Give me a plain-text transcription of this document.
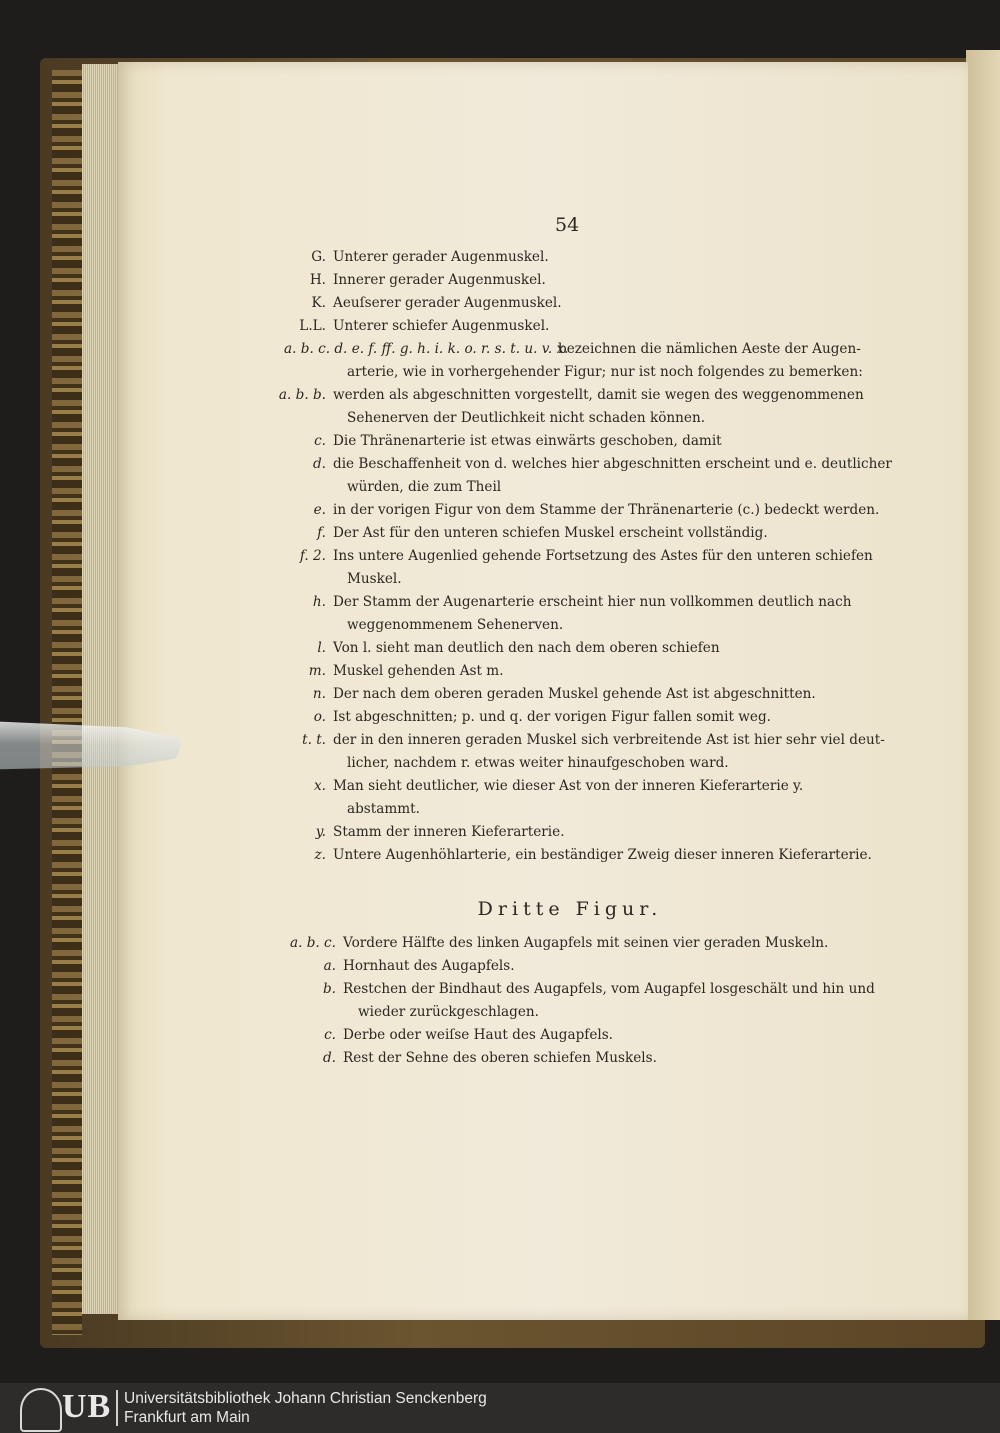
54
G. Unterer gerader Augenmuskel.
H. Innerer gerader Augenmuskel.
K. Aeuſserer gerader Augenmuskel.
L.L. Unterer schiefer Augenmuskel.
a. b. c. d. e. f. ff. g. h. i. k. o. r. s. t. u. v. x.
bezeichnen die nämlichen Aeste der Augen-
arterie, wie in vorhergehender Figur; nur ist noch folgendes zu bemerken:
a. b. b. werden als abgeschnitten vorgestellt, damit sie wegen des weggenommenen
Sehenerven der Deutlichkeit nicht schaden können.
c. Die Thränenarterie ist etwas einwärts geschoben, damit
d. die Beschaffenheit von d. welches hier abgeschnitten erscheint und e. deutlicher
würden, die zum Theil
e. in der vorigen Figur von dem Stamme der Thränenarterie (c.) bedeckt werden.
f. Der Ast für den unteren schiefen Muskel erscheint vollständig.
f. 2. Ins untere Augenlied gehende Fortsetzung des Astes für den unteren schiefen
Muskel.
h. Der Stamm der Augenarterie erscheint hier nun vollkommen deutlich nach
weggenommenem Sehenerven.
l. Von l. sieht man deutlich den nach dem oberen schiefen
m. Muskel gehenden Ast m.
n. Der nach dem oberen geraden Muskel gehende Ast ist abgeschnitten.
o. Ist abgeschnitten; p. und q. der vorigen Figur fallen somit weg.
t. t. der in den inneren geraden Muskel sich verbreitende Ast ist hier sehr viel deut-
licher, nachdem r. etwas weiter hinaufgeschoben ward.
x. Man sieht deutlicher, wie dieser Ast von der inneren Kieferarterie y.
abstammt.
y. Stamm der inneren Kieferarterie.
z. Untere Augenhöhlarterie, ein beständiger Zweig dieser inneren Kieferarterie.
Dritte Figur.
a. b. c. Vordere Hälfte des linken Augapfels mit seinen vier geraden Muskeln.
a. Hornhaut des Augapfels.
b. Restchen der Bindhaut des Augapfels, vom Augapfel losgeschält und hin und
wieder zurückgeschlagen.
c. Derbe oder weiſse Haut des Augapfels.
d. Rest der Sehne des oberen schiefen Muskels.
UB Universitätsbibliothek Johann Christian Senckenberg
Frankfurt am Main
